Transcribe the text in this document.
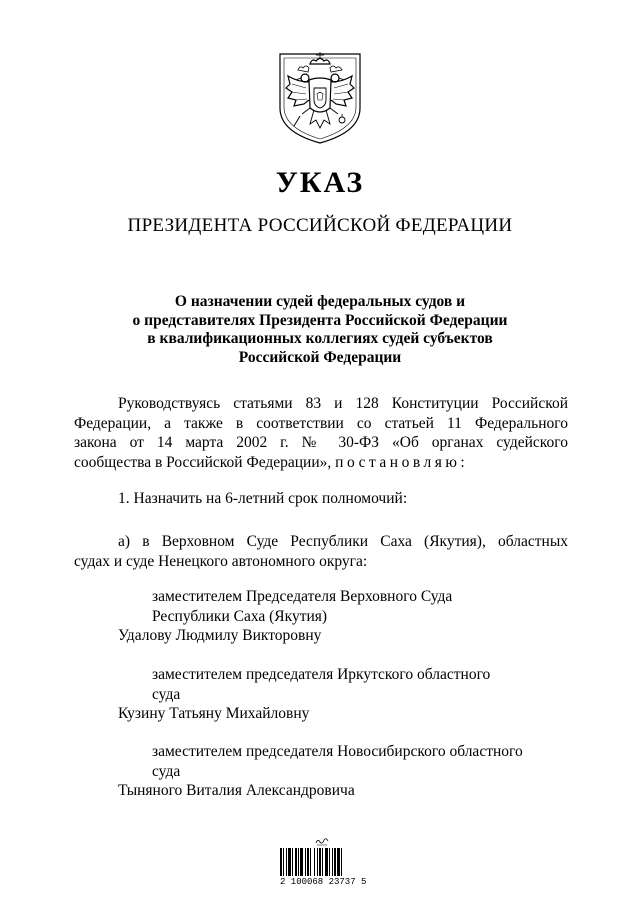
УКАЗ
ПРЕЗИДЕНТА РОССИЙСКОЙ ФЕДЕРАЦИИ
О назначении судей федеральных судов и
о представителях Президента Российской Федерации
в квалификационных коллегиях судей субъектов
Российской Федерации
Руководствуясь статьями 83 и 128 Конституции Российской
Федерации, а также в соответствии со статьей 11 Федерального
закона от 14 марта 2002 г. № 30-ФЗ «Об органах судейского
сообщества в Российской Федерации», постановляю:
1. Назначить на 6-летний срок полномочий:
а) в Верховном Суде Республики Саха (Якутия), областных
судах и суде Ненецкого автономного округа:
заместителем Председателя Верховного Суда
Республики Саха (Якутия)
Удалову Людмилу Викторовну
заместителем председателя Иркутского областного
суда
Кузину Татьяну Михайловну
заместителем председателя Новосибирского областного
суда
Тыняного Виталия Александровича
2 100068 23737 5
